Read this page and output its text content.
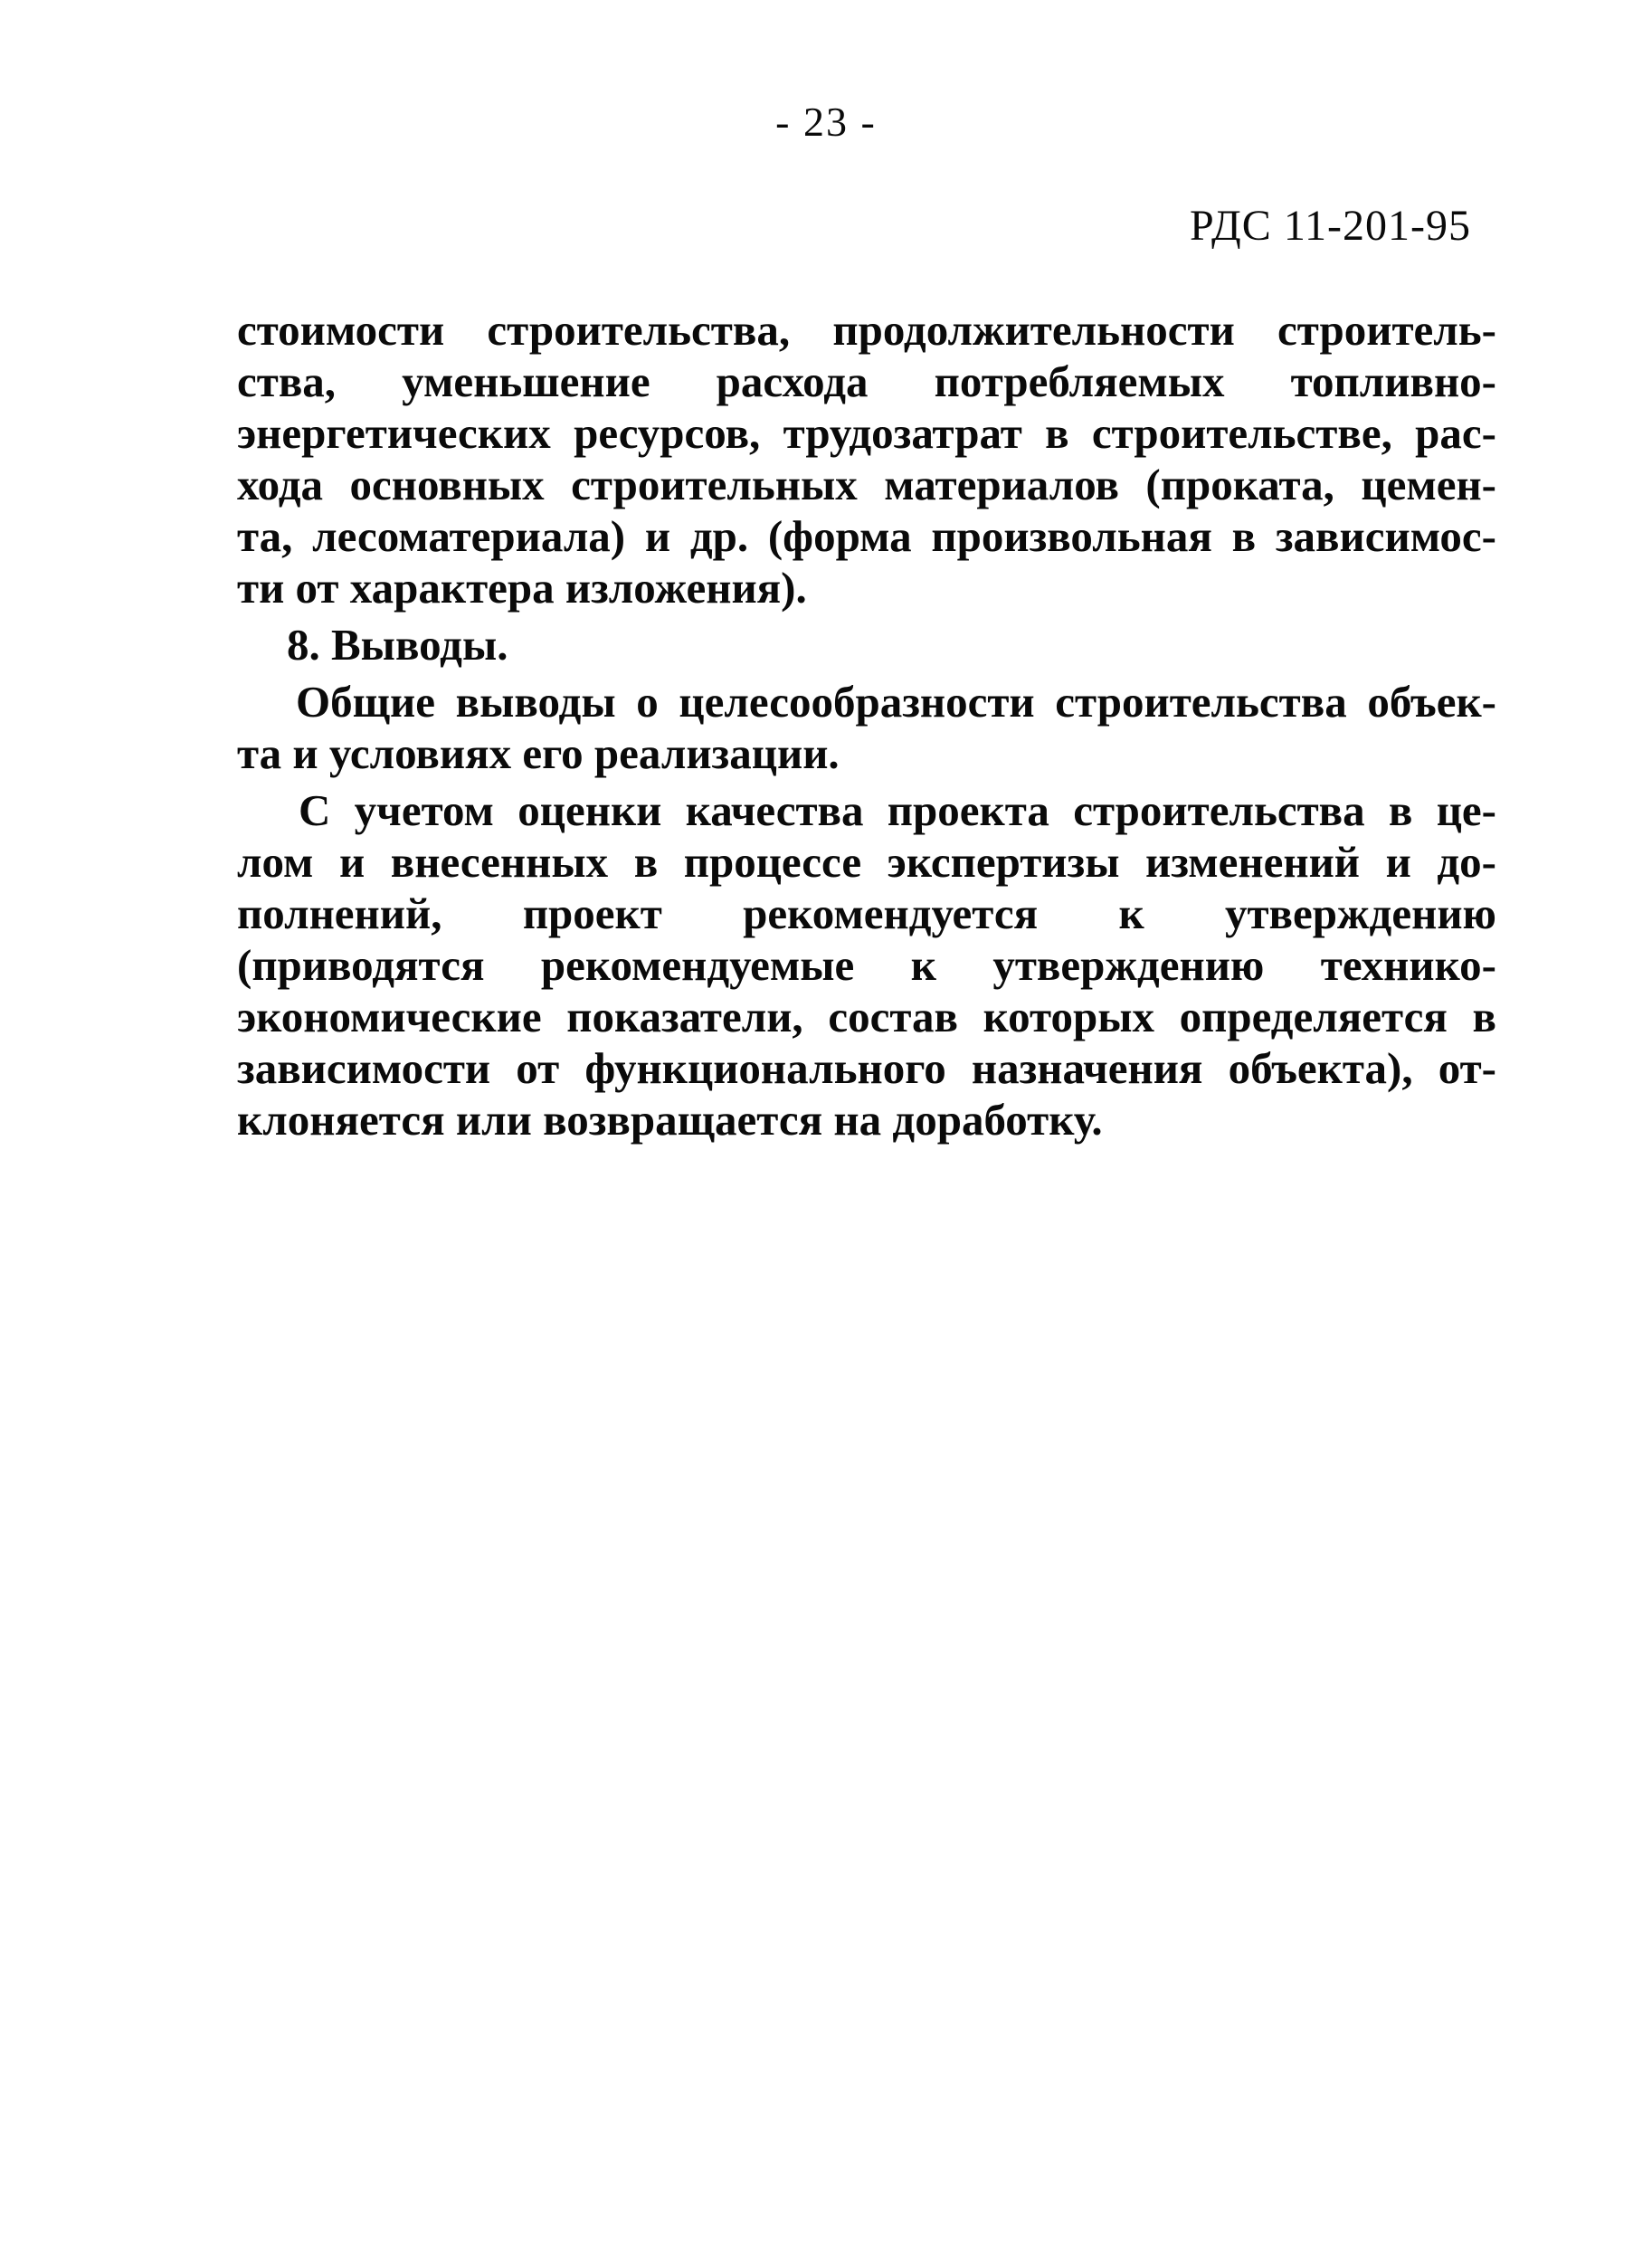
- 23 -
РДС 11-201-95
стоимости строительства, продолжительности строитель-
ства, уменьшение расхода потребляемых топливно-
энергетических ресурсов, трудозатрат в строительстве, рас-
хода основных строительных материалов (проката, цемен-
та, лесоматериала) и др. (форма произвольная в зависимос-
ти от характера изложения).
8. Выводы.
Общие выводы о целесообразности строительства объек-
та и условиях его реализации.
С учетом оценки качества проекта строительства в це-
лом и внесенных в процессе экспертизы изменений и до-
полнений, проект рекомендуется к утверждению
(приводятся рекомендуемые к утверждению технико-
экономические показатели, состав которых определяется в
зависимости от функционального назначения объекта), от-
клоняется или возвращается на доработку.
